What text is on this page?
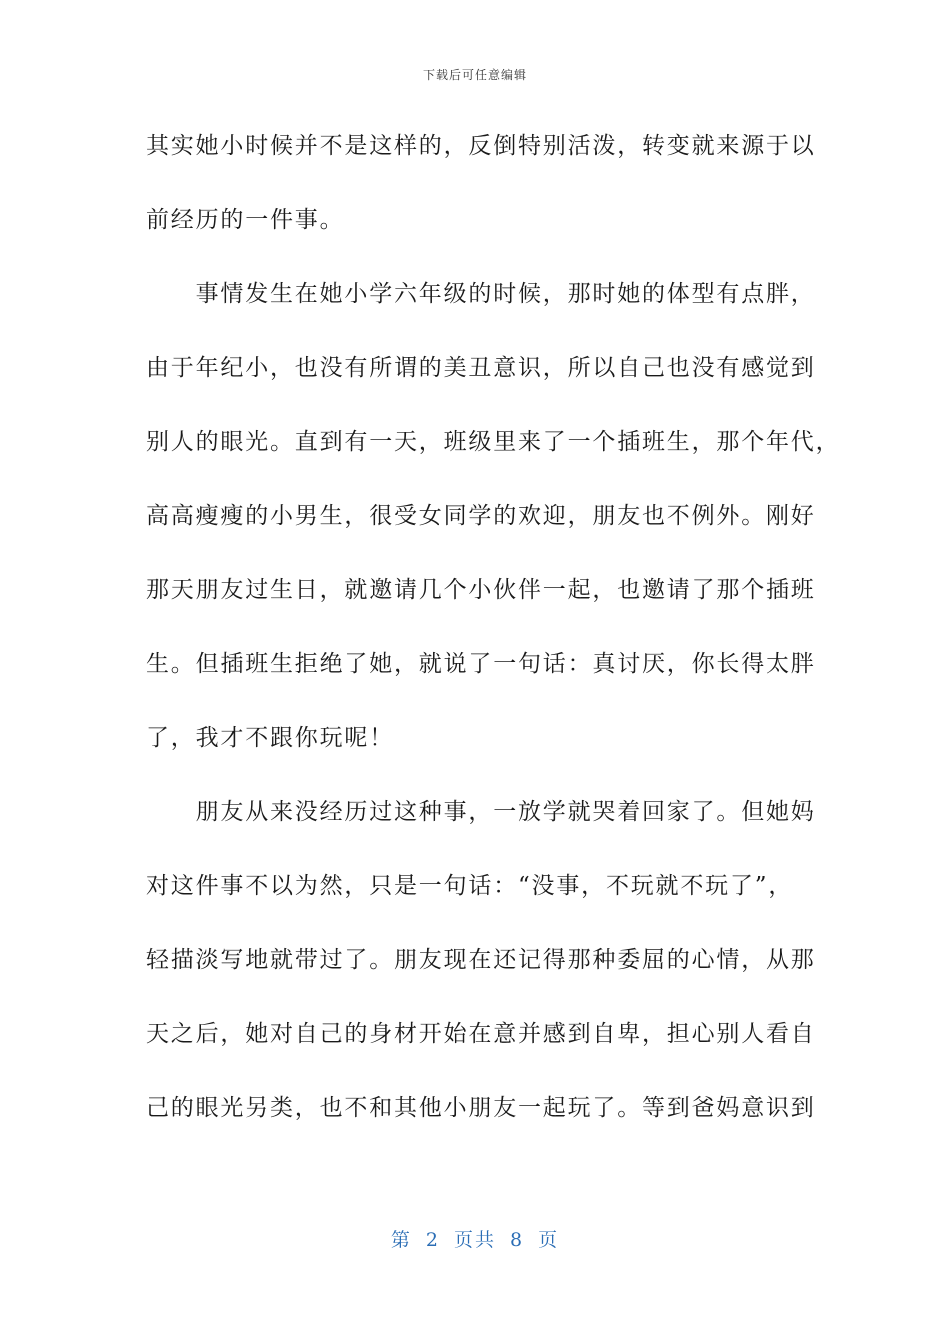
下载后可任意编辑
其实她小时候并不是这样的，反倒特别活泼，转变就来源于以
前经历的一件事。
　　事情发生在她小学六年级的时候，那时她的体型有点胖，
由于年纪小，也没有所谓的美丑意识，所以自己也没有感觉到
别人的眼光。直到有一天，班级里来了一个插班生，那个年代，
高高瘦瘦的小男生，很受女同学的欢迎，朋友也不例外。刚好
那天朋友过生日，就邀请几个小伙伴一起，也邀请了那个插班
生。但插班生拒绝了她，就说了一句话：真讨厌，你长得太胖
了，我才不跟你玩呢！
　　朋友从来没经历过这种事，一放学就哭着回家了。但她妈
对这件事不以为然，只是一句话：“没事，不玩就不玩了”，
轻描淡写地就带过了。朋友现在还记得那种委屈的心情，从那
天之后，她对自己的身材开始在意并感到自卑，担心别人看自
己的眼光另类，也不和其他小朋友一起玩了。等到爸妈意识到
第 2 页共 8 页
